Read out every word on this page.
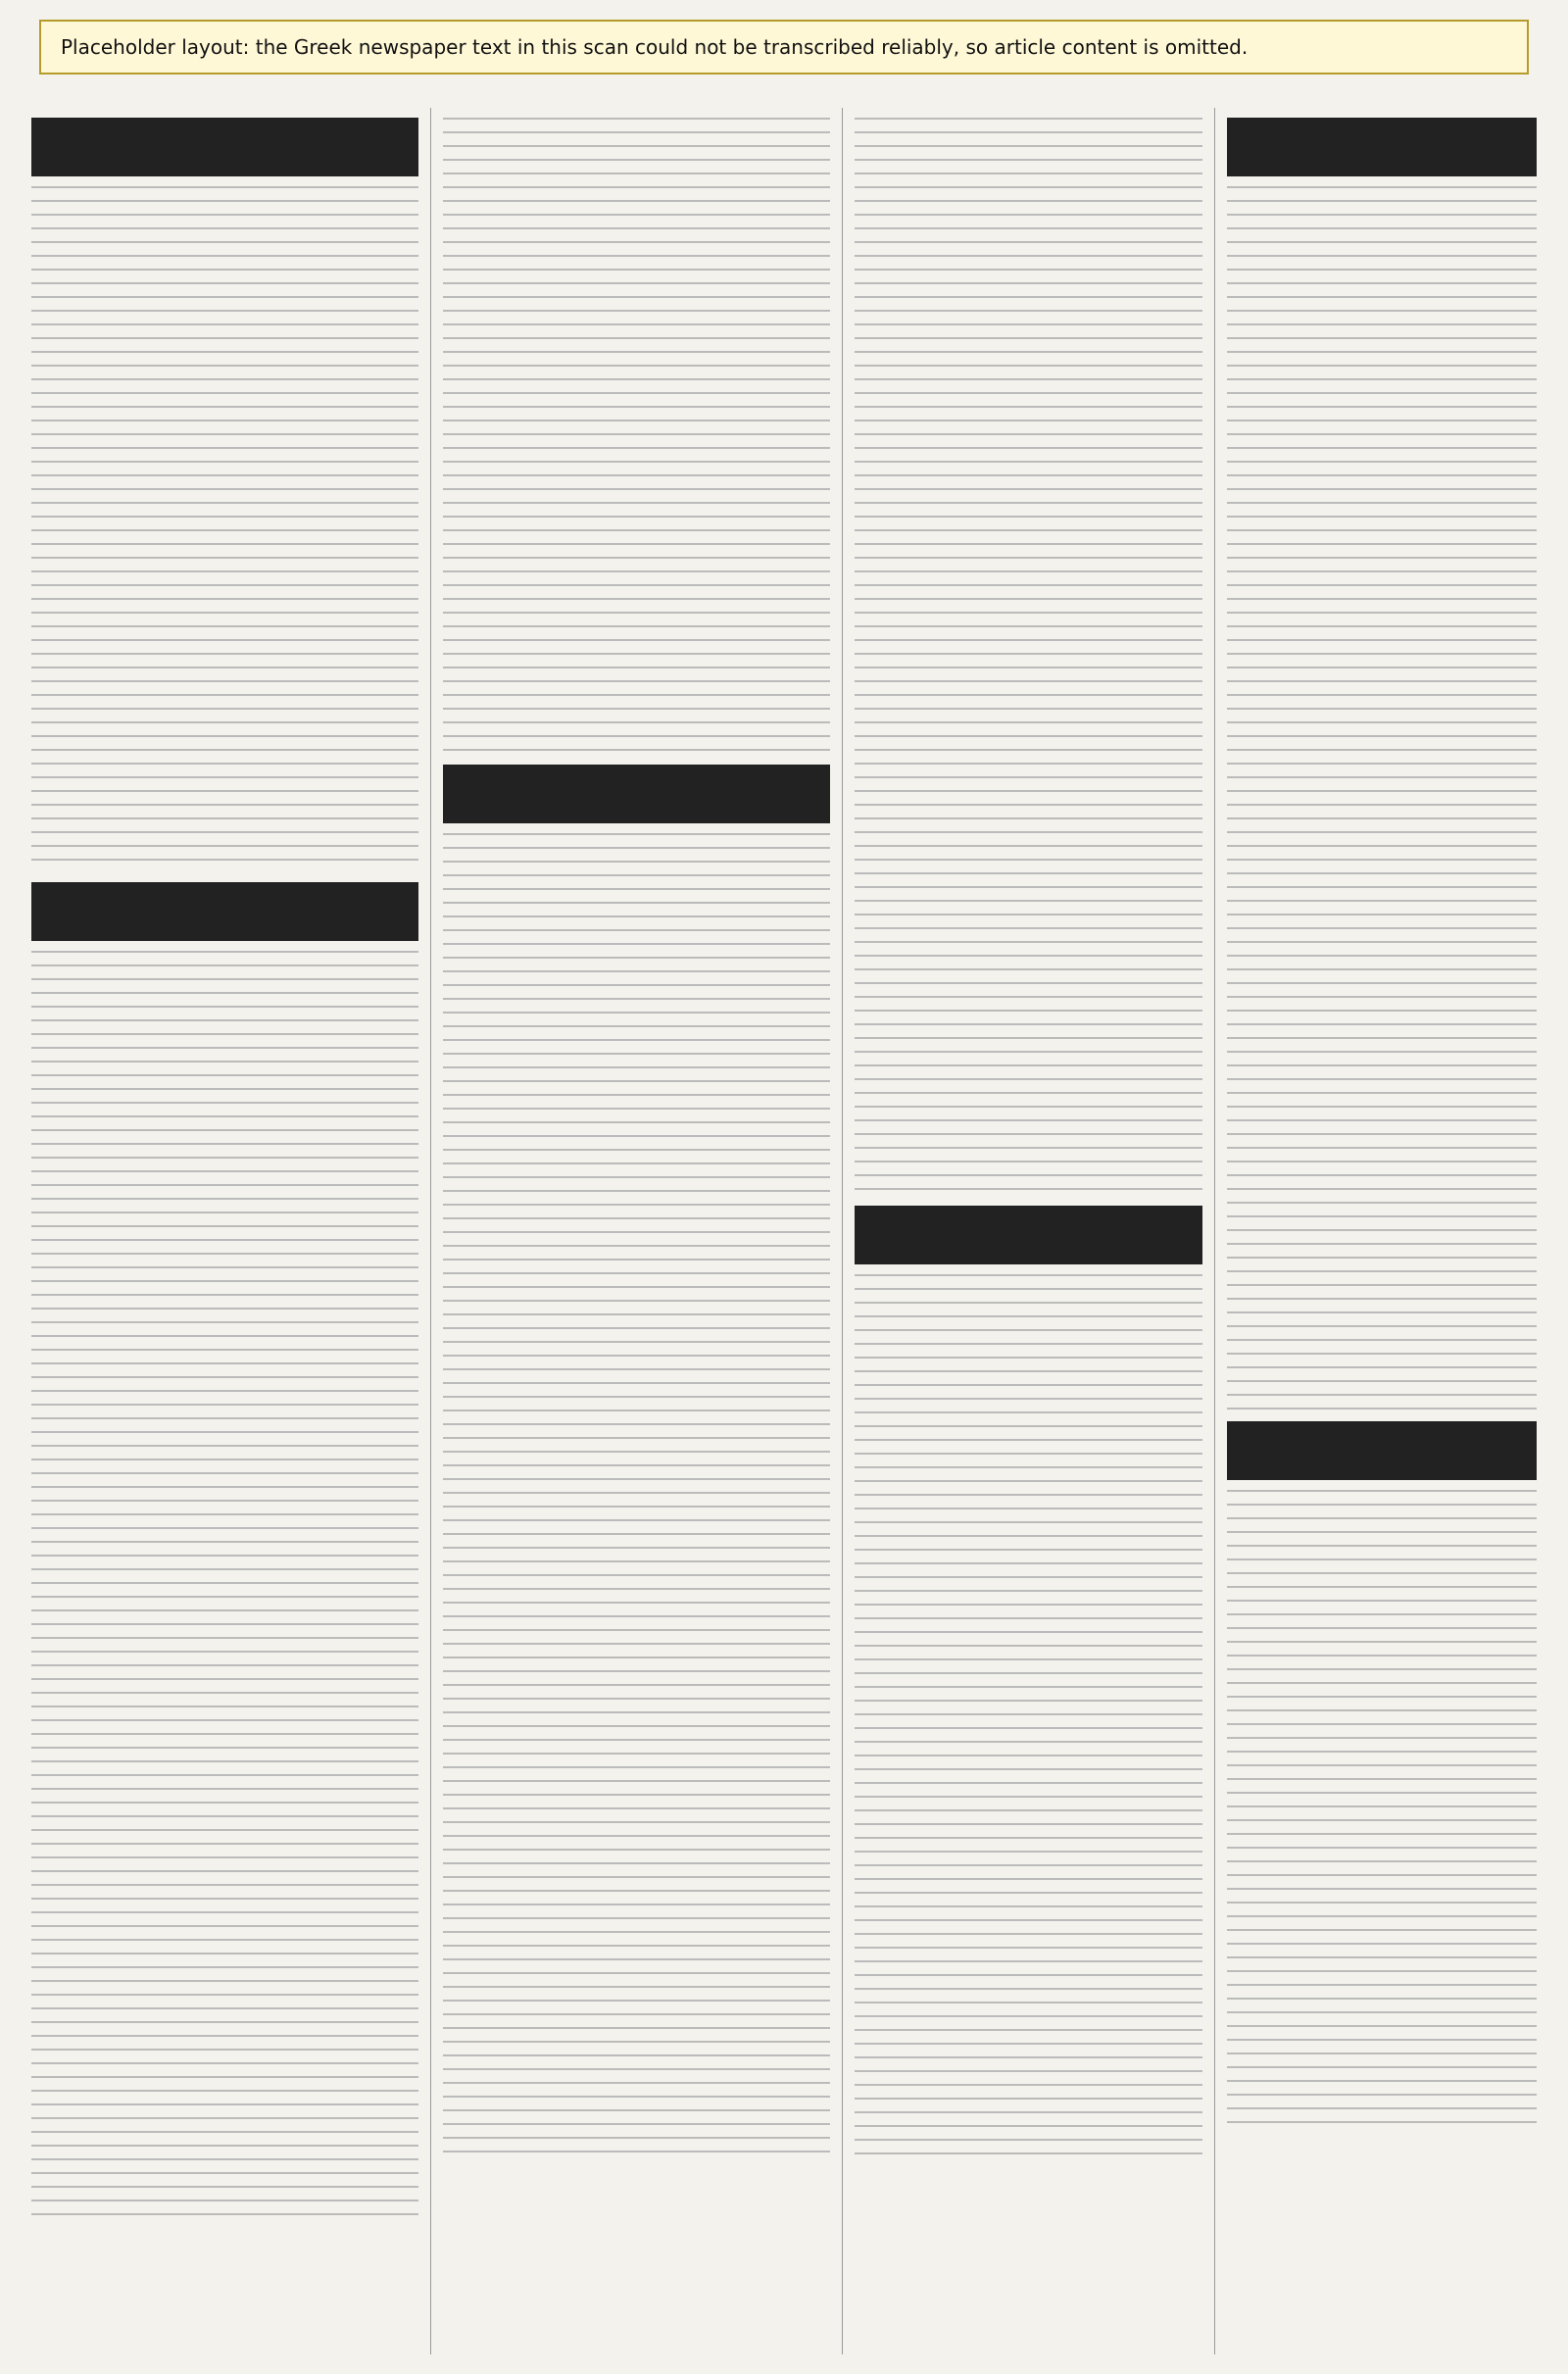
Placeholder layout: the Greek newspaper text in this scan could not be transcribed reliably, so article content is omitted.
